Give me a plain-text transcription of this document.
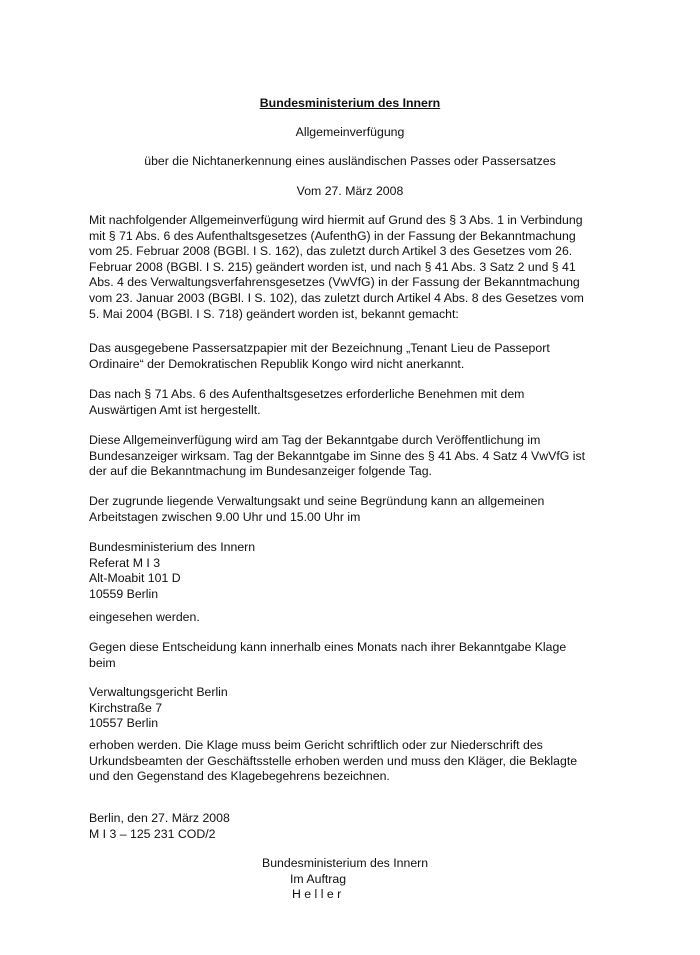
Bundesministerium des Innern
Allgemeinverfügung
über die Nichtanerkennung eines ausländischen Passes oder Passersatzes
Vom 27. März 2008
Mit nachfolgender Allgemeinverfügung wird hiermit auf Grund des § 3 Abs. 1 in Verbindung
mit § 71 Abs. 6 des Aufenthaltsgesetzes (AufenthG) in der Fassung der Bekanntmachung
vom 25. Februar 2008 (BGBl. I S. 162), das zuletzt durch Artikel 3 des Gesetzes vom 26.
Februar 2008 (BGBl. I S. 215) geändert worden ist, und nach § 41 Abs. 3 Satz 2 und § 41
Abs. 4 des Verwaltungsverfahrensgesetzes (VwVfG) in der Fassung der Bekanntmachung
vom 23. Januar 2003 (BGBl. I S. 102), das zuletzt durch Artikel 4 Abs. 8 des Gesetzes vom
5. Mai 2004 (BGBl. I S. 718) geändert worden ist, bekannt gemacht:
Das ausgegebene Passersatzpapier mit der Bezeichnung „Tenant Lieu de Passeport
Ordinaire“ der Demokratischen Republik Kongo wird nicht anerkannt.
Das nach § 71 Abs. 6 des Aufenthaltsgesetzes erforderliche Benehmen mit dem
Auswärtigen Amt ist hergestellt.
Diese Allgemeinverfügung wird am Tag der Bekanntgabe durch Veröffentlichung im
Bundesanzeiger wirksam. Tag der Bekanntgabe im Sinne des § 41 Abs. 4 Satz 4 VwVfG ist
der auf die Bekanntmachung im Bundesanzeiger folgende Tag.
Der zugrunde liegende Verwaltungsakt und seine Begründung kann an allgemeinen
Arbeitstagen zwischen 9.00 Uhr und 15.00 Uhr im
Bundesministerium des Innern
Referat M I 3
Alt-Moabit 101 D
10559 Berlin
eingesehen werden.
Gegen diese Entscheidung kann innerhalb eines Monats nach ihrer Bekanntgabe Klage
beim
Verwaltungsgericht Berlin
Kirchstraße 7
10557 Berlin
erhoben werden. Die Klage muss beim Gericht schriftlich oder zur Niederschrift des
Urkundsbeamten der Geschäftsstelle erhoben werden und muss den Kläger, die Beklagte
und den Gegenstand des Klagebegehrens bezeichnen.
Berlin, den 27. März 2008
M I 3 – 125 231 COD/2
Bundesministerium des Innern
Im Auftrag
H e l l e r
